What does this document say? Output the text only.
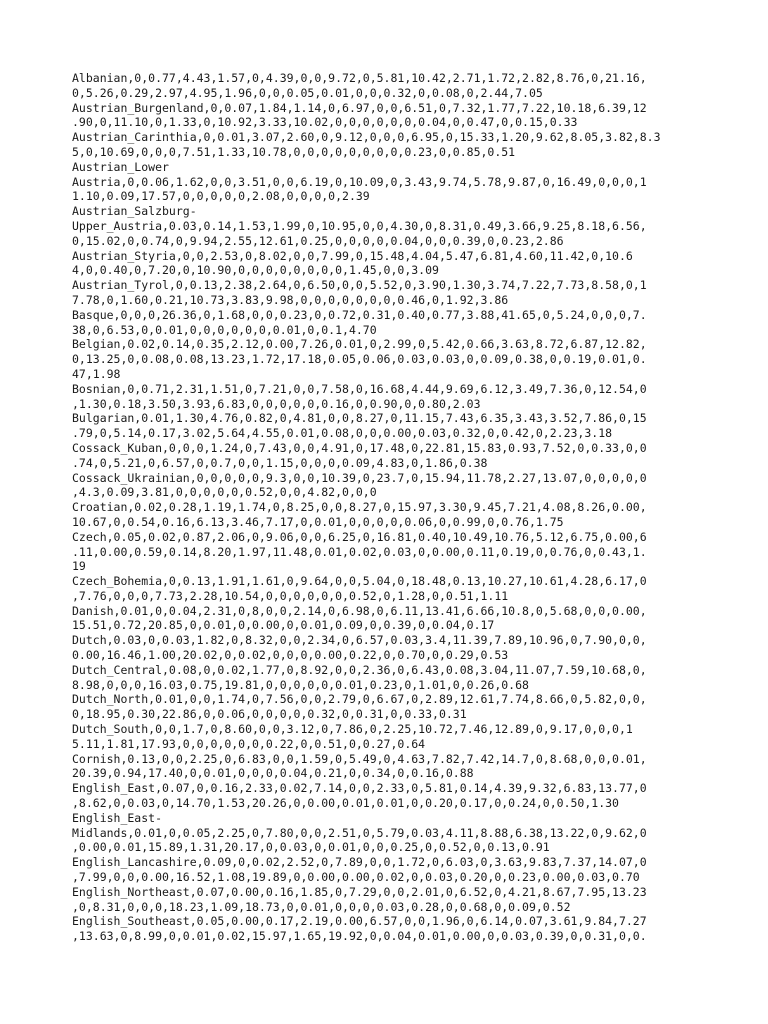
Albanian,0,0.77,4.43,1.57,0,4.39,0,0,9.72,0,5.81,10.42,2.71,1.72,2.82,8.76,0,21.16,
0,5.26,0.29,2.97,4.95,1.96,0,0,0.05,0.01,0,0,0.32,0,0.08,0,2.44,7.05
Austrian_Burgenland,0,0.07,1.84,1.14,0,6.97,0,0,6.51,0,7.32,1.77,7.22,10.18,6.39,12
.90,0,11.10,0,1.33,0,10.92,3.33,10.02,0,0,0,0,0,0,0.04,0,0.47,0,0.15,0.33
Austrian_Carinthia,0,0.01,3.07,2.60,0,9.12,0,0,0,6.95,0,15.33,1.20,9.62,8.05,3.82,8.3
5,0,10.69,0,0,0,7.51,1.33,10.78,0,0,0,0,0,0,0,0,0.23,0,0.85,0.51
Austrian_Lower
Austria,0,0.06,1.62,0,0,3.51,0,0,6.19,0,10.09,0,3.43,9.74,5.78,9.87,0,16.49,0,0,0,1
1.10,0.09,17.57,0,0,0,0,0,2.08,0,0,0,0,2.39
Austrian_Salzburg-
Upper_Austria,0.03,0.14,1.53,1.99,0,10.95,0,0,4.30,0,8.31,0.49,3.66,9.25,8.18,6.56,
0,15.02,0,0.74,0,9.94,2.55,12.61,0.25,0,0,0,0,0.04,0,0,0.39,0,0.23,2.86
Austrian_Styria,0,0,2.53,0,8.02,0,0,7.99,0,15.48,4.04,5.47,6.81,4.60,11.42,0,10.6
4,0,0.40,0,7.20,0,10.90,0,0,0,0,0,0,0,0,1.45,0,0,3.09
Austrian_Tyrol,0,0.13,2.38,2.64,0,6.50,0,0,5.52,0,3.90,1.30,3.74,7.22,7.73,8.58,0,1
7.78,0,1.60,0.21,10.73,3.83,9.98,0,0,0,0,0,0,0,0.46,0,1.92,3.86
Basque,0,0,0,26.36,0,1.68,0,0,0.23,0,0.72,0.31,0.40,0.77,3.88,41.65,0,5.24,0,0,0,7.
38,0,6.53,0,0.01,0,0,0,0,0,0,0.01,0,0.1,4.70
Belgian,0.02,0.14,0.35,2.12,0.00,7.26,0.01,0,2.99,0,5.42,0.66,3.63,8.72,6.87,12.82,
0,13.25,0,0.08,0.08,13.23,1.72,17.18,0.05,0.06,0.03,0.03,0,0.09,0.38,0,0.19,0.01,0.
47,1.98
Bosnian,0,0.71,2.31,1.51,0,7.21,0,0,7.58,0,16.68,4.44,9.69,6.12,3.49,7.36,0,12.54,0
,1.30,0.18,3.50,3.93,6.83,0,0,0,0,0,0.16,0,0.90,0,0.80,2.03
Bulgarian,0.01,1.30,4.76,0.82,0,4.81,0,0,8.27,0,11.15,7.43,6.35,3.43,3.52,7.86,0,15
.79,0,5.14,0.17,3.02,5.64,4.55,0.01,0.08,0,0,0.00,0.03,0.32,0,0.42,0,2.23,3.18
Cossack_Kuban,0,0,0,1.24,0,7.43,0,0,4.91,0,17.48,0,22.81,15.83,0.93,7.52,0,0.33,0,0
.74,0,5.21,0,6.57,0,0.7,0,0,1.15,0,0,0,0.09,4.83,0,1.86,0.38
Cossack_Ukrainian,0,0,0,0,0,9.3,0,0,10.39,0,23.7,0,15.94,11.78,2.27,13.07,0,0,0,0,0
,4.3,0.09,3.81,0,0,0,0,0,0.52,0,0,4.82,0,0,0
Croatian,0.02,0.28,1.19,1.74,0,8.25,0,0,8.27,0,15.97,3.30,9.45,7.21,4.08,8.26,0.00,
10.67,0,0.54,0.16,6.13,3.46,7.17,0,0.01,0,0,0,0,0.06,0,0.99,0,0.76,1.75
Czech,0.05,0.02,0.87,2.06,0,9.06,0,0,6.25,0,16.81,0.40,10.49,10.76,5.12,6.75,0.00,6
.11,0.00,0.59,0.14,8.20,1.97,11.48,0.01,0.02,0.03,0,0.00,0.11,0.19,0,0.76,0,0.43,1.
19
Czech_Bohemia,0,0.13,1.91,1.61,0,9.64,0,0,5.04,0,18.48,0.13,10.27,10.61,4.28,6.17,0
,7.76,0,0,0,7.73,2.28,10.54,0,0,0,0,0,0,0.52,0,1.28,0,0.51,1.11
Danish,0.01,0,0.04,2.31,0,8,0,0,2.14,0,6.98,0,6.11,13.41,6.66,10.8,0,5.68,0,0,0.00,
15.51,0.72,20.85,0,0.01,0,0.00,0,0.01,0.09,0,0.39,0,0.04,0.17
Dutch,0.03,0,0.03,1.82,0,8.32,0,0,2.34,0,6.57,0.03,3.4,11.39,7.89,10.96,0,7.90,0,0,
0.00,16.46,1.00,20.02,0,0.02,0,0,0,0.00,0.22,0,0.70,0,0.29,0.53
Dutch_Central,0.08,0,0.02,1.77,0,8.92,0,0,2.36,0,6.43,0.08,3.04,11.07,7.59,10.68,0,
8.98,0,0,0,16.03,0.75,19.81,0,0,0,0,0,0.01,0.23,0,1.01,0,0.26,0.68
Dutch_North,0.01,0,0,1.74,0,7.56,0,0,2.79,0,6.67,0,2.89,12.61,7.74,8.66,0,5.82,0,0,
0,18.95,0.30,22.86,0,0.06,0,0,0,0,0.32,0,0.31,0,0.33,0.31
Dutch_South,0,0,1.7,0,8.60,0,0,3.12,0,7.86,0,2.25,10.72,7.46,12.89,0,9.17,0,0,0,1
5.11,1.81,17.93,0,0,0,0,0,0,0.22,0,0.51,0,0.27,0.64
Cornish,0.13,0,0,2.25,0,6.83,0,0,1.59,0,5.49,0,4.63,7.82,7.42,14.7,0,8.68,0,0,0.01,
20.39,0.94,17.40,0,0.01,0,0,0,0.04,0.21,0,0.34,0,0.16,0.88
English_East,0.07,0,0.16,2.33,0.02,7.14,0,0,2.33,0,5.81,0.14,4.39,9.32,6.83,13.77,0
,8.62,0,0.03,0,14.70,1.53,20.26,0,0.00,0.01,0.01,0,0.20,0.17,0,0.24,0,0.50,1.30
English_East-
Midlands,0.01,0,0.05,2.25,0,7.80,0,0,2.51,0,5.79,0.03,4.11,8.88,6.38,13.22,0,9.62,0
,0.00,0.01,15.89,1.31,20.17,0,0.03,0,0.01,0,0,0.25,0,0.52,0,0.13,0.91
English_Lancashire,0.09,0,0.02,2.52,0,7.89,0,0,1.72,0,6.03,0,3.63,9.83,7.37,14.07,0
,7.99,0,0,0.00,16.52,1.08,19.89,0,0.00,0.00,0.02,0,0.03,0.20,0,0.23,0.00,0.03,0.70
English_Northeast,0.07,0.00,0.16,1.85,0,7.29,0,0,2.01,0,6.52,0,4.21,8.67,7.95,13.23
,0,8.31,0,0,0,18.23,1.09,18.73,0,0.01,0,0,0,0.03,0.28,0,0.68,0,0.09,0.52
English_Southeast,0.05,0.00,0.17,2.19,0.00,6.57,0,0,1.96,0,6.14,0.07,3.61,9.84,7.27
,13.63,0,8.99,0,0.01,0.02,15.97,1.65,19.92,0,0.04,0.01,0.00,0,0.03,0.39,0,0.31,0,0.
